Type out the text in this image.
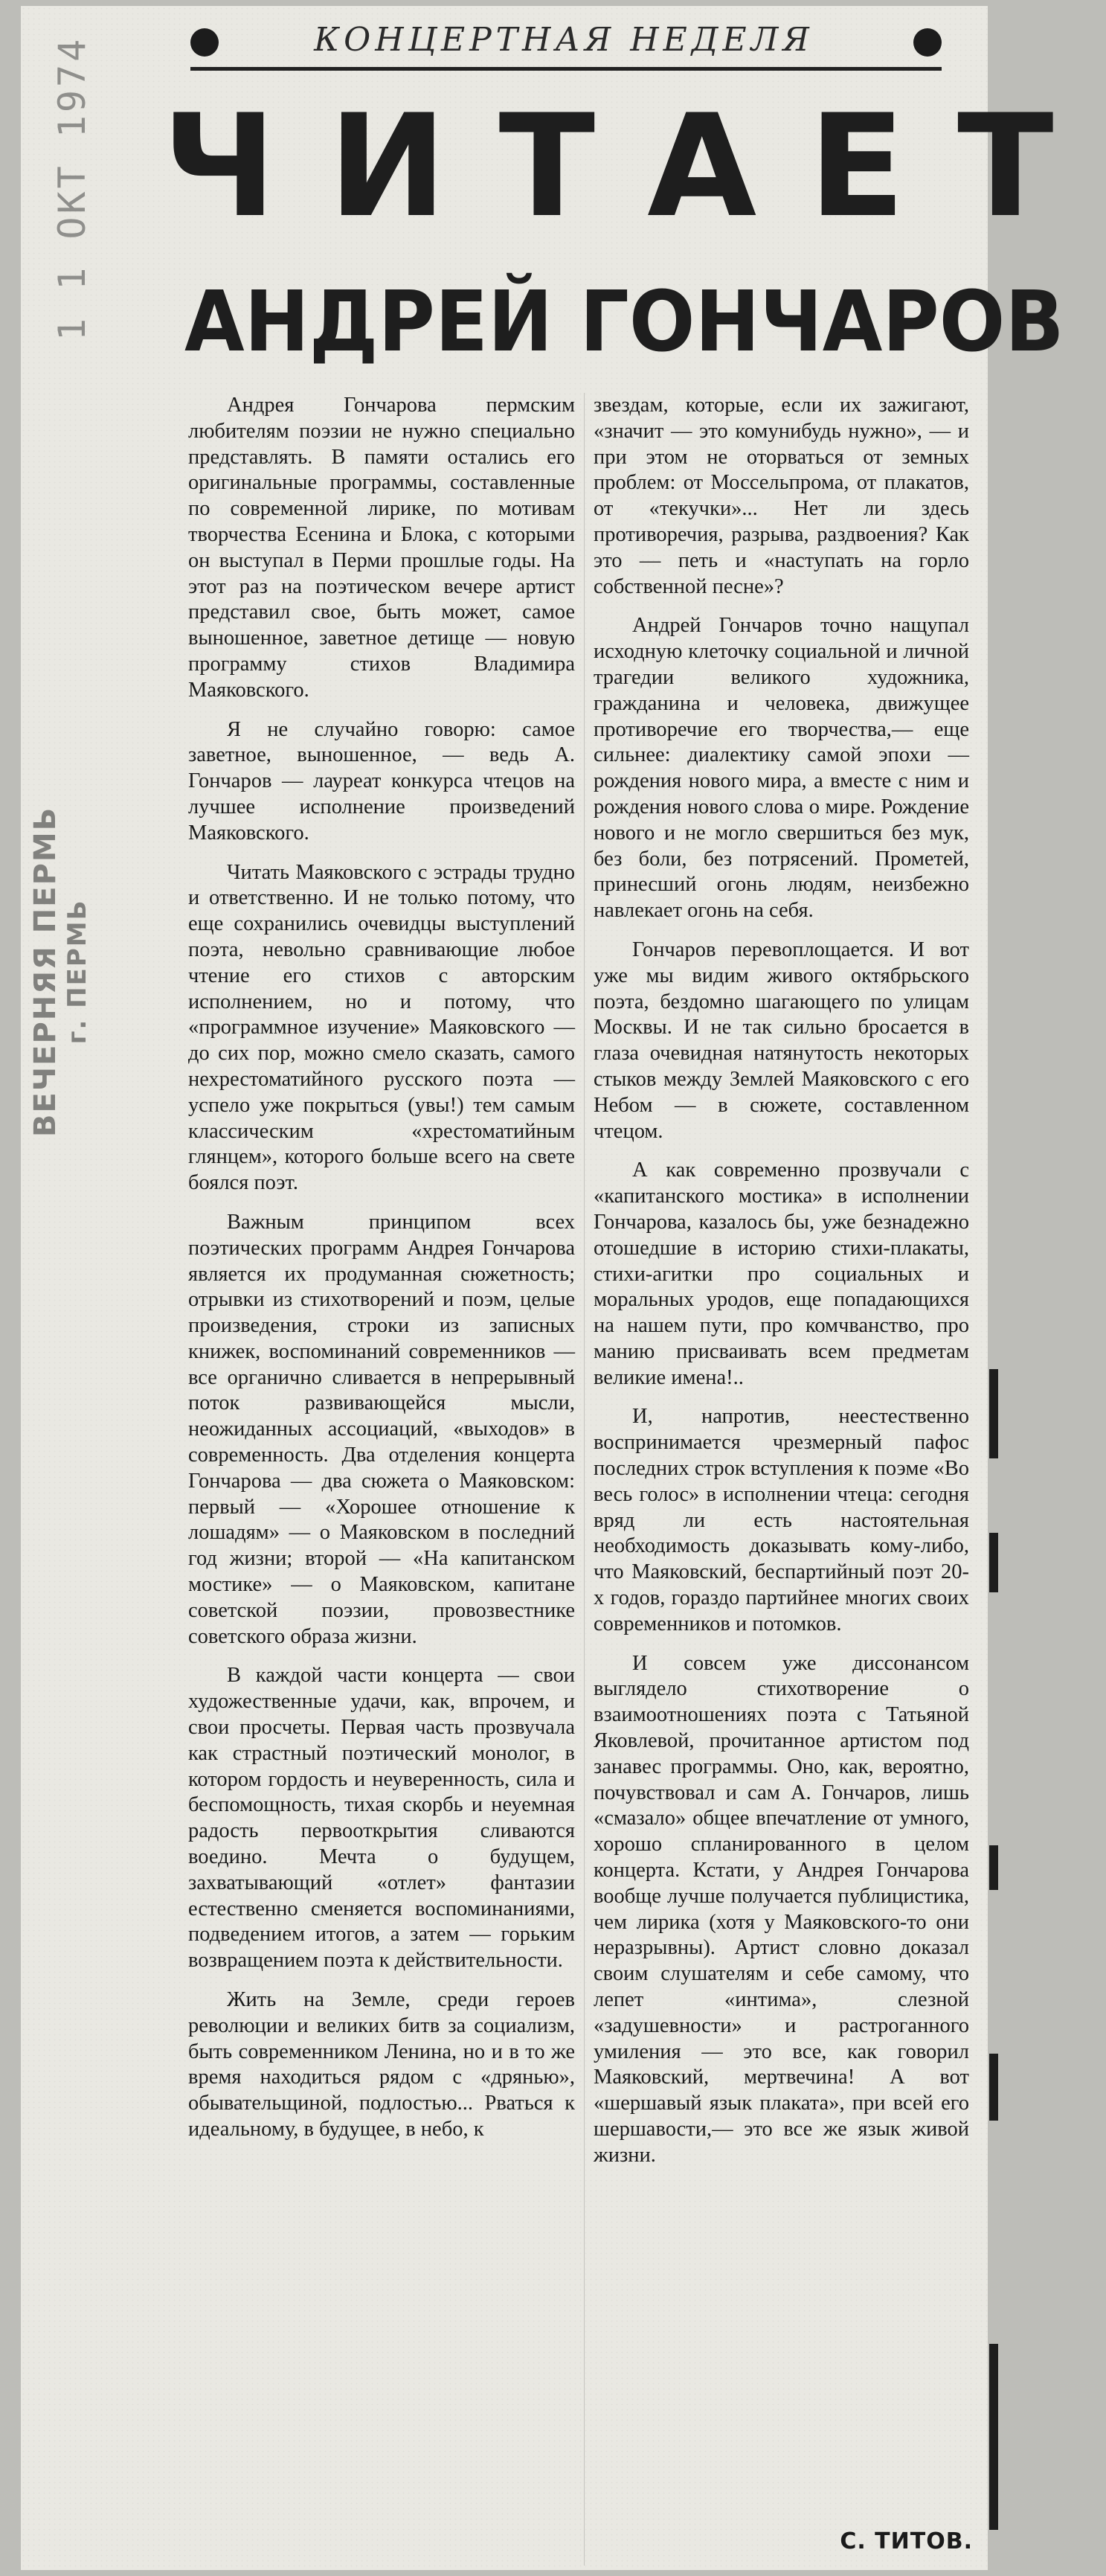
КОНЦЕРТНАЯ НЕДЕЛЯ
ЧИТАЕТ
АНДРЕЙ ГОНЧАРОВ
1 1 ОКТ 1974
ВЕЧЕРНЯЯ ПЕРМЬ г. ПЕРМЬ

Андрея Гончарова пермским любителям поэзии не нужно специально представлять. В памяти остались его оригинальные программы, составленные по современной лирике, по мотивам творчества Есенина и Блока, с которыми он выступал в Перми прошлые годы. На этот раз на поэтическом вечере артист представил свое, быть может, самое выношенное, заветное детище — новую программу стихов Владимира Маяковского.

Я не случайно говорю: самое заветное, выношенное, — ведь А. Гончаров — лауреат конкурса чтецов на лучшее исполнение произведений Маяковского.

Читать Маяковского с эстрады трудно и ответственно. И не только потому, что еще сохранились очевидцы выступлений поэта, невольно сравнивающие любое чтение его стихов с авторским исполнением, но и потому, что «программное изучение» Маяковского — до сих пор, можно смело сказать, самого нехрестоматийного русского поэта — успело уже покрыться (увы!) тем самым классическим «хрестоматийным глянцем», которого больше всего на свете боялся поэт.

Важным принципом всех поэтических программ Андрея Гончарова является их продуманная сюжетность; отрывки из стихотворений и поэм, целые произведения, строки из записных книжек, воспоминаний современников — все органично сливается в непрерывный поток развивающейся мысли, неожиданных ассоциаций, «выходов» в современность. Два отделения концерта Гончарова — два сюжета о Маяковском: первый — «Хорошее отношение к лошадям» — о Маяковском в последний год жизни; второй — «На капитанском мостике» — о Маяковском, капитане советской поэзии, провозвестнике советского образа жизни.

В каждой части концерта — свои художественные удачи, как, впрочем, и свои просчеты. Первая часть прозвучала как страстный поэтический монолог, в котором гордость и неуверенность, сила и беспомощность, тихая скорбь и неуемная радость первооткрытия сливаются воедино. Мечта о будущем, захватывающий «отлет» фантазии естественно сменяется воспоминаниями, подведением итогов, а затем — горьким возвращением поэта к действительности.

Жить на Земле, среди героев революции и великих битв за социализм, быть современником Ленина, но и в то же время находиться рядом с «дрянью», обывательщиной, подлостью... Рваться к идеальному, в будущее, в небо, к

звездам, которые, если их зажигают, «значит — это комунибудь нужно», — и при этом не оторваться от земных проблем: от Моссельпрома, от плакатов, от «текучки»... Нет ли здесь противоречия, разрыва, раздвоения? Как это — петь и «наступать на горло собственной песне»?

Андрей Гончаров точно нащупал исходную клеточку социальной и личной трагедии великого художника, гражданина и человека, движущее противоречие его творчества,— еще сильнее: диалектику самой эпохи — рождения нового мира, а вместе с ним и рождения нового слова о мире. Рождение нового и не могло свершиться без мук, без боли, без потрясений. Прометей, принесший огонь людям, неизбежно навлекает огонь на себя.

Гончаров перевоплощается. И вот уже мы видим живого октябрьского поэта, бездомно шагающего по улицам Москвы. И не так сильно бросается в глаза очевидная натянутость некоторых стыков между Землей Маяковского с его Небом — в сюжете, составленном чтецом.

А как современно прозвучали с «капитанского мостика» в исполнении Гончарова, казалось бы, уже безнадежно отошедшие в историю стихи-плакаты, стихи-агитки про социальных и моральных уродов, еще попадающихся на нашем пути, про комчванство, про манию присваивать всем предметам великие имена!..

И, напротив, неестественно воспринимается чрезмерный пафос последних строк вступления к поэме «Во весь голос» в исполнении чтеца: сегодня вряд ли есть настоятельная необходимость доказывать кому-либо, что Маяковский, беспартийный поэт 20-х годов, гораздо партийнее многих своих современников и потомков.

И совсем уже диссонансом выглядело стихотворение о взаимоотношениях поэта с Татьяной Яковлевой, прочитанное артистом под занавес программы. Оно, как, вероятно, почувствовал и сам А. Гончаров, лишь «смазало» общее впечатление от умного, хорошо спланированного в целом концерта. Кстати, у Андрея Гончарова вообще лучше получается публицистика, чем лирика (хотя у Маяковского-то они неразрывны). Артист словно доказал своим слушателям и себе самому, что лепет «интима», слезной «задушевности» и растроганного умиления — это все, как говорил Маяковский, мертвечина! А вот «шершавый язык плаката», при всей его шершавости,— это все же язык живой жизни.

С. ТИТОВ.
